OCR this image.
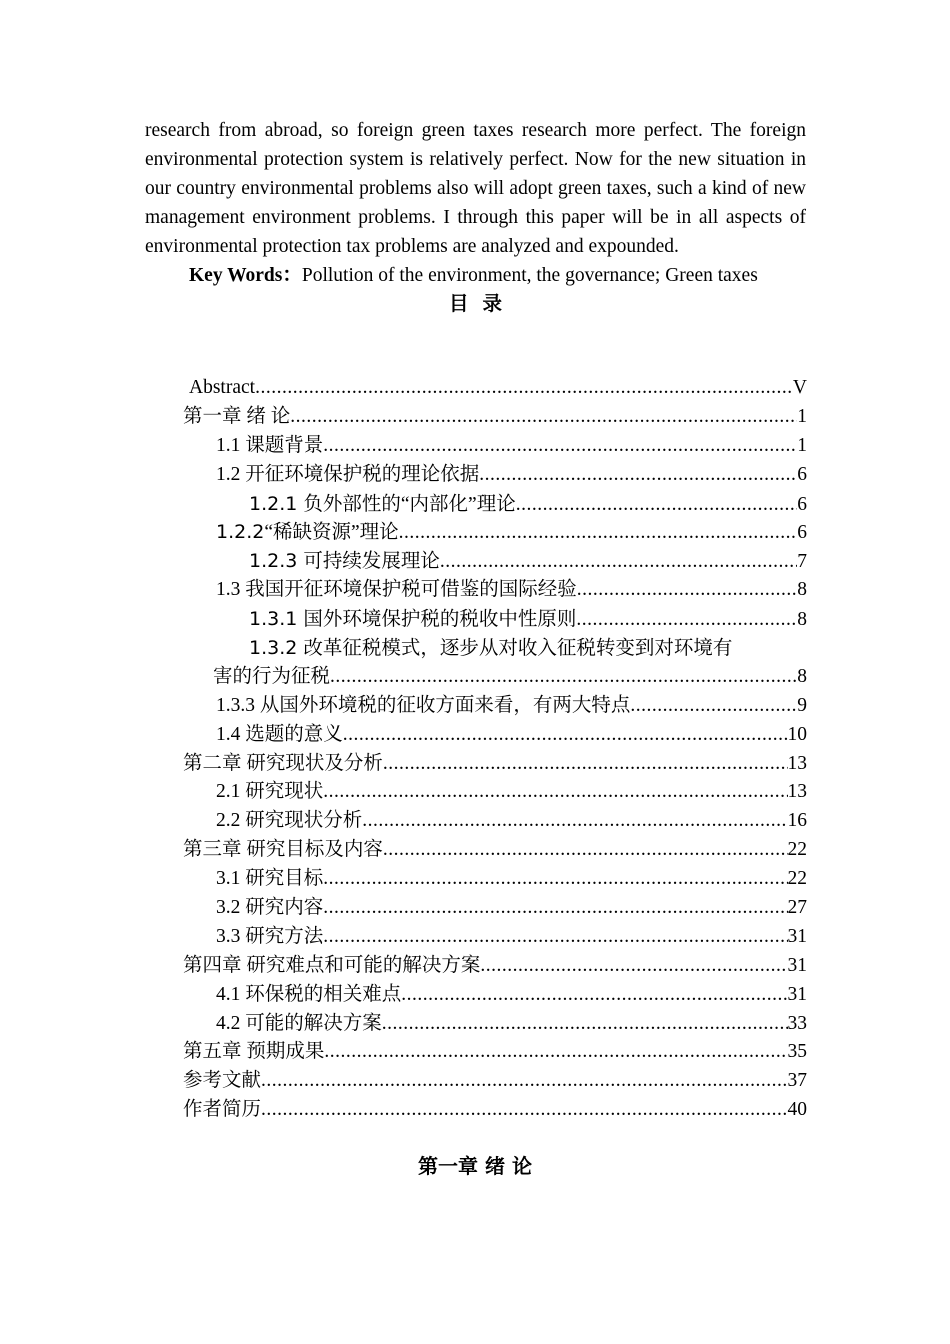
research from abroad, so foreign green taxes research more perfect. The foreign environmental protection system is relatively perfect. Now for the new situation in our country environmental problems also will adopt green taxes, such a kind of new management environment problems. I through this paper will be in all aspects of environmental protection tax problems are analyzed and expounded.

Key Words：Pollution of the environment, the governance; Green taxes

目录

Abstract .....	V
第一章 绪 论 .....	1
1.1 课题背景 .....	1
1.2 开征环境保护税的理论依据 .....	6
1.2.1 负外部性的“内部化”理论 .....	6
1.2.2“稀缺资源”理论 .....	6
1.2.3 可持续发展理论 .....	7
1.3 我国开征环境保护税可借鉴的国际经验 .....	8
1.3.1 国外环境保护税的税收中性原则 .....	8
1.3.2 改革征税模式，逐步从对收入征税转变到对环境有
害的行为征税 .....	8
1.3.3 从国外环境税的征收方面来看，有两大特点 .....	9
1.4 选题的意义 .....	10
第二章 研究现状及分析 .....	13
2.1 研究现状 .....	13
2.2 研究现状分析 .....	16
第三章 研究目标及内容 .....	22
3.1 研究目标 .....	22
3.2 研究内容 .....	27
3.3 研究方法 .....	31
第四章 研究难点和可能的解决方案 .....	31
4.1 环保税的相关难点 .....	31
4.2 可能的解决方案 .....	33
第五章 预期成果 .....	35
参考文献 .....	37
作者简历 .....	40
第一章 绪 论
